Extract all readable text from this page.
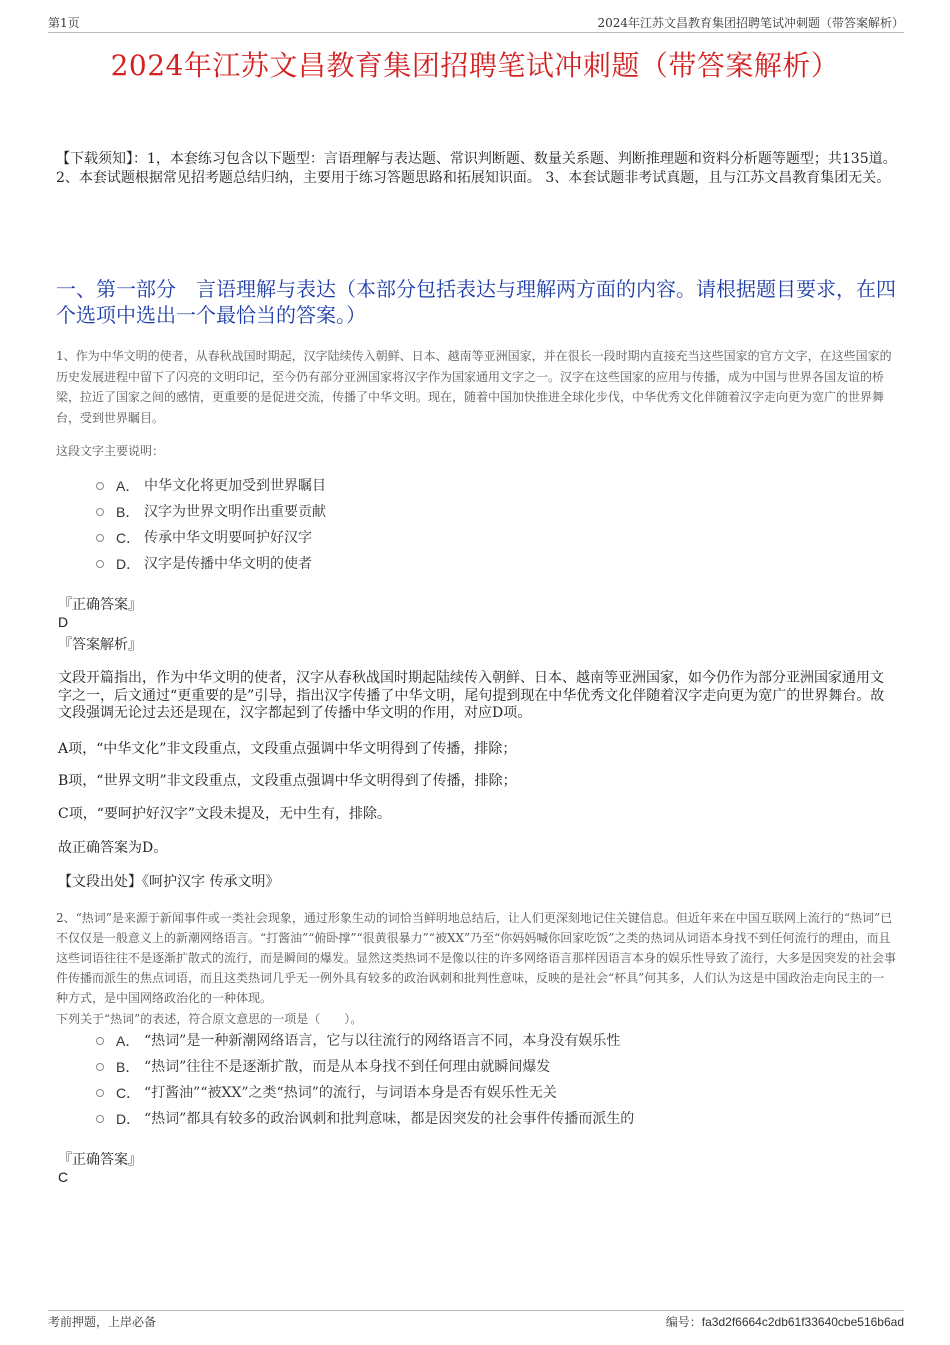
第1页	2024年江苏文昌教育集团招聘笔试冲刺题（带答案解析）
2024年江苏文昌教育集团招聘笔试冲刺题（带答案解析）
【下载须知】：1，本套练习包含以下题型：言语理解与表达题、常识判断题、数量关系题、判断推理题和资料分析题等题型；共135道。 2、本套试题根据常见招考题总结归纳，主要用于练习答题思路和拓展知识面。 3、本套试题非考试真题，且与江苏文昌教育集团无关。
一、第一部分　言语理解与表达（本部分包括表达与理解两方面的内容。请根据题目要求，在四个选项中选出一个最恰当的答案。）
1、作为中华文明的使者，从春秋战国时期起，汉字陆续传入朝鲜、日本、越南等亚洲国家，并在很长一段时期内直接充当这些国家的官方文字，在这些国家的历史发展进程中留下了闪亮的文明印记，至今仍有部分亚洲国家将汉字作为国家通用文字之一。汉字在这些国家的应用与传播，成为中国与世界各国友谊的桥梁，拉近了国家之间的感情，更重要的是促进交流，传播了中华文明。现在，随着中国加快推进全球化步伐，中华优秀文化伴随着汉字走向更为宽广的世界舞台，受到世界瞩目。
这段文字主要说明：
A． 中华文化将更加受到世界瞩目
B． 汉字为世界文明作出重要贡献
C． 传承中华文明要呵护好汉字
D． 汉字是传播中华文明的使者
『正确答案』
D
『答案解析』
文段开篇指出，作为中华文明的使者，汉字从春秋战国时期起陆续传入朝鲜、日本、越南等亚洲国家，如今仍作为部分亚洲国家通用文字之一，后文通过“更重要的是”引导，指出汉字传播了中华文明，尾句提到现在中华优秀文化伴随着汉字走向更为宽广的世界舞台。故文段强调无论过去还是现在，汉字都起到了传播中华文明的作用，对应D项。
A项，“中华文化”非文段重点，文段重点强调中华文明得到了传播，排除；
B项，“世界文明”非文段重点，文段重点强调中华文明得到了传播，排除；
C项，“要呵护好汉字”文段未提及，无中生有，排除。
故正确答案为D。
【文段出处】《呵护汉字 传承文明》
2、“热词”是来源于新闻事件或一类社会现象，通过形象生动的词恰当鲜明地总结后，让人们更深刻地记住关键信息。但近年来在中国互联网上流行的“热词”已不仅仅是一般意义上的新潮网络语言。“打酱油”“俯卧撑”“很黄很暴力”“被XX”乃至“你妈妈喊你回家吃饭”之类的热词从词语本身找不到任何流行的理由，而且这些词语往往不是逐渐扩散式的流行，而是瞬间的爆发。显然这类热词不是像以往的许多网络语言那样因语言本身的娱乐性导致了流行，大多是因突发的社会事件传播而派生的焦点词语，而且这类热词几乎无一例外具有较多的政治讽刺和批判性意味，反映的是社会“杯具”何其多，人们认为这是中国政治走向民主的一种方式，是中国网络政治化的一种体现。
下列关于“热词”的表述，符合原文意思的一项是（　　）。
A． “热词”是一种新潮网络语言，它与以往流行的网络语言不同，本身没有娱乐性
B． “热词”往往不是逐渐扩散，而是从本身找不到任何理由就瞬间爆发
C． “打酱油”“被XX”之类“热词”的流行，与词语本身是否有娱乐性无关
D． “热词”都具有较多的政治讽刺和批判意味，都是因突发的社会事件传播而派生的
『正确答案』
C
考前押题，上岸必备	编号：fa3d2f6664c2db61f33640cbe516b6ad
